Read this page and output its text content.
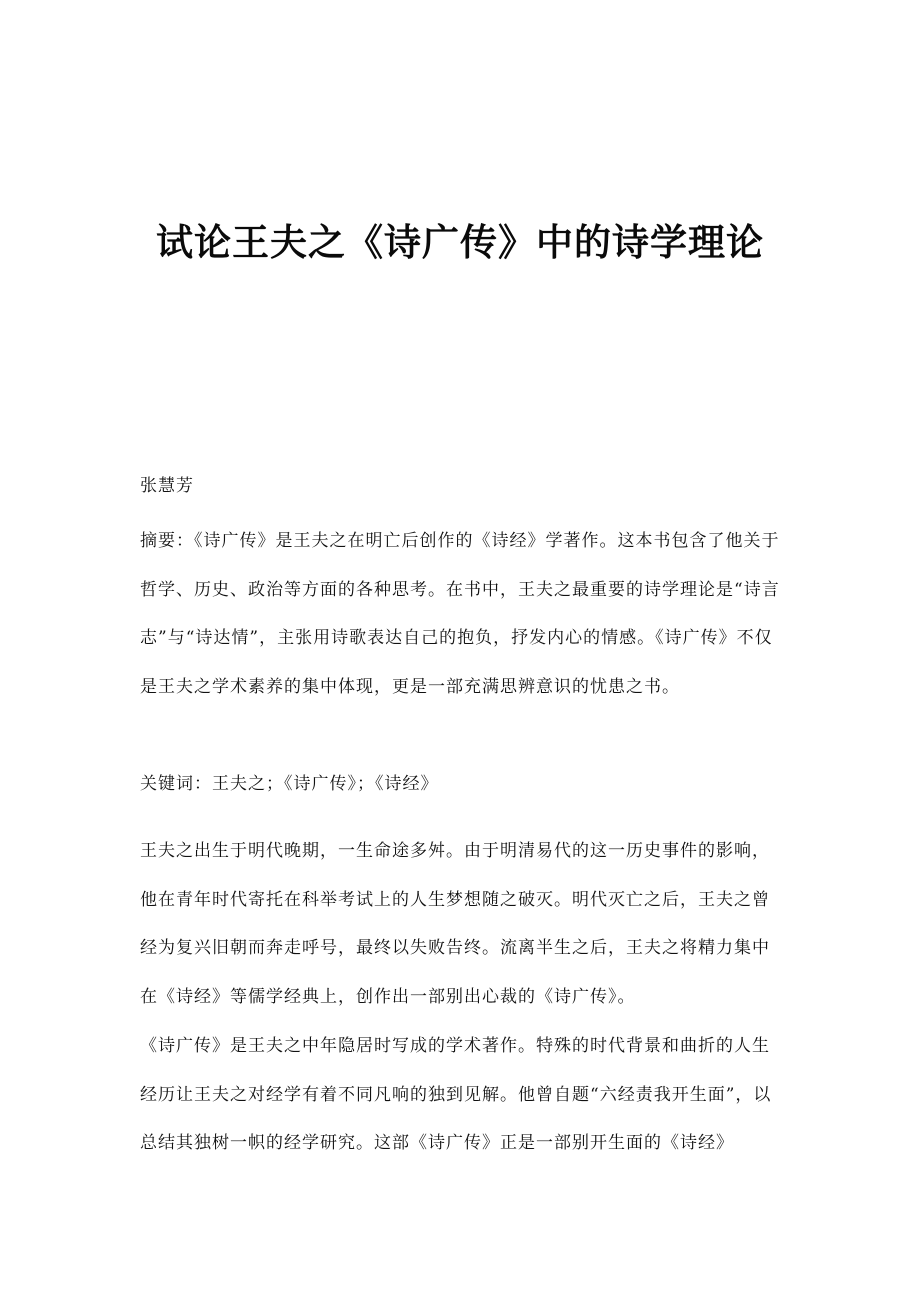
试论王夫之《诗广传》中的诗学理论
张慧芳

摘要：《诗广传》是王夫之在明亡后创作的《诗经》学著作。这本书包含了他关于哲学、历史、政治等方面的各种思考。在书中，王夫之最重要的诗学理论是“诗言志”与“诗达情”，主张用诗歌表达自己的抱负，抒发内心的情感。《诗广传》不仅是王夫之学术素养的集中体现，更是一部充满思辨意识的忧患之书。

关键词：王夫之；《诗广传》；《诗经》

王夫之出生于明代晚期，一生命途多舛。由于明清易代的这一历史事件的影响，他在青年时代寄托在科举考试上的人生梦想随之破灭。明代灭亡之后，王夫之曾经为复兴旧朝而奔走呼号，最终以失败告终。流离半生之后，王夫之将精力集中在《诗经》等儒学经典上，创作出一部别出心裁的《诗广传》。

《诗广传》是王夫之中年隐居时写成的学术著作。特殊的时代背景和曲折的人生经历让王夫之对经学有着不同凡响的独到见解。他曾自题“六经责我开生面”，以总结其独树一帜的经学研究。这部《诗广传》正是一部别开生面的《诗经》
